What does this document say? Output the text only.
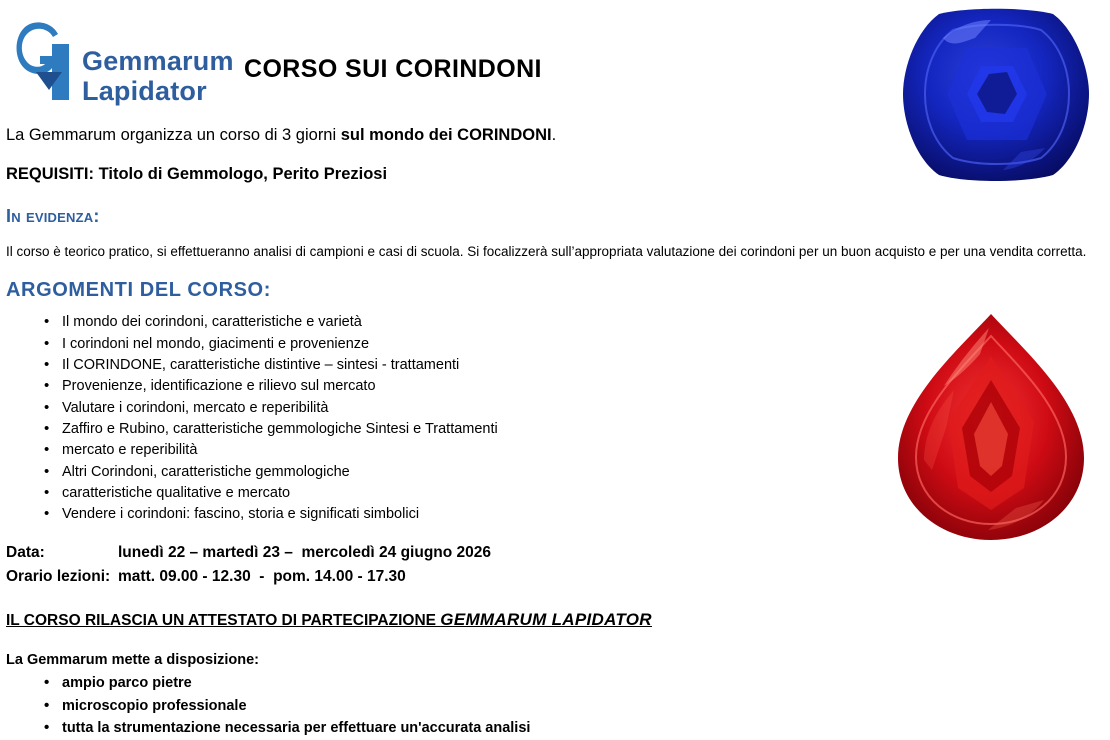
Gemmarum
Lapidator
CORSO SUI CORINDONI

La Gemmarum organizza un corso di 3 giorni sul mondo dei CORINDONI.

REQUISITI: Titolo di Gemmologo, Perito Preziosi

In evidenza:

Il corso è teorico pratico, si effettueranno analisi di campioni e casi di scuola. Si focalizzerà sull’appropriata valutazione dei corindoni per un buon acquisto e per una vendita corretta.

ARGOMENTI DEL CORSO:
• Il mondo dei corindoni, caratteristiche e varietà
• I corindoni nel mondo, giacimenti e provenienze
• Il CORINDONE, caratteristiche distintive – sintesi - trattamenti
• Provenienze, identificazione e rilievo sul mercato
• Valutare i corindoni, mercato e reperibilità
• Zaffiro e Rubino, caratteristiche gemmologiche Sintesi e Trattamenti
• mercato e reperibilità
• Altri Corindoni, caratteristiche gemmologiche
• caratteristiche qualitative e mercato
• Vendere i corindoni: fascino, storia e significati simbolici
Data:	lunedì 22 – martedì 23 –  mercoledì 24 giugno 2026
Orario lezioni: matt. 09.00 - 12.30  -  pom. 14.00 - 17.30
IL CORSO RILASCIA UN ATTESTATO DI PARTECIPAZIONE GEMMARUM LAPIDATOR
La Gemmarum mette a disposizione:
• ampio parco pietre
• microscopio professionale
• tutta la strumentazione necessaria per effettuare un'accurata analisi
